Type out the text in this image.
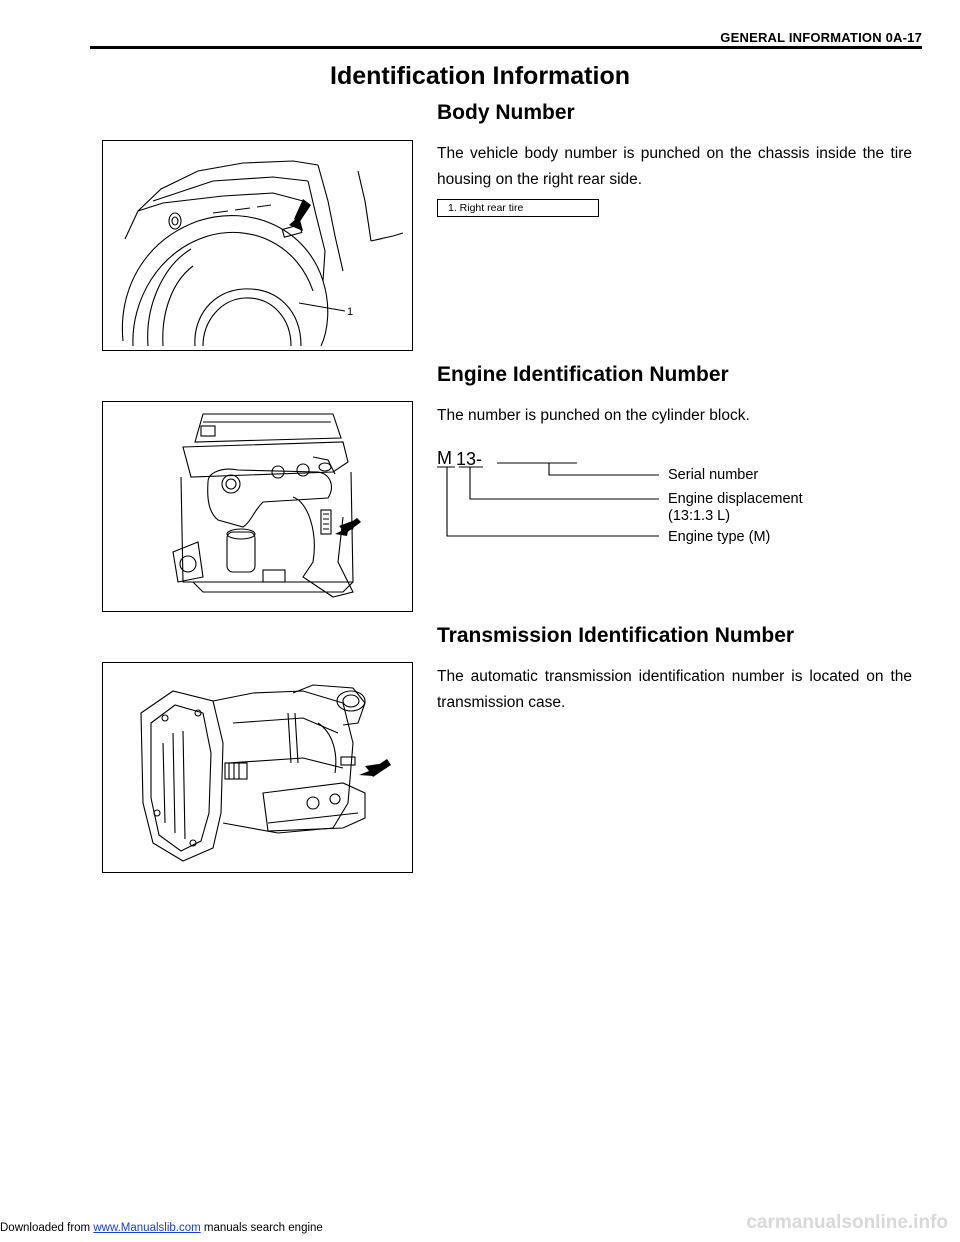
GENERAL INFORMATION 0A-17
Identification Information
Body Number
The vehicle body number is punched on the chassis inside the tire housing on the right rear side.
1. Right rear tire
1
Engine Identification Number
The number is punched on the cylinder block.
M 13-
Serial number
Engine displacement
(13:1.3 L)
Engine type (M)
Transmission Identification Number
The automatic transmission identification number is located on the transmission case.
Downloaded from www.Manualslib.com manuals search engine	carmanualsonline.info
